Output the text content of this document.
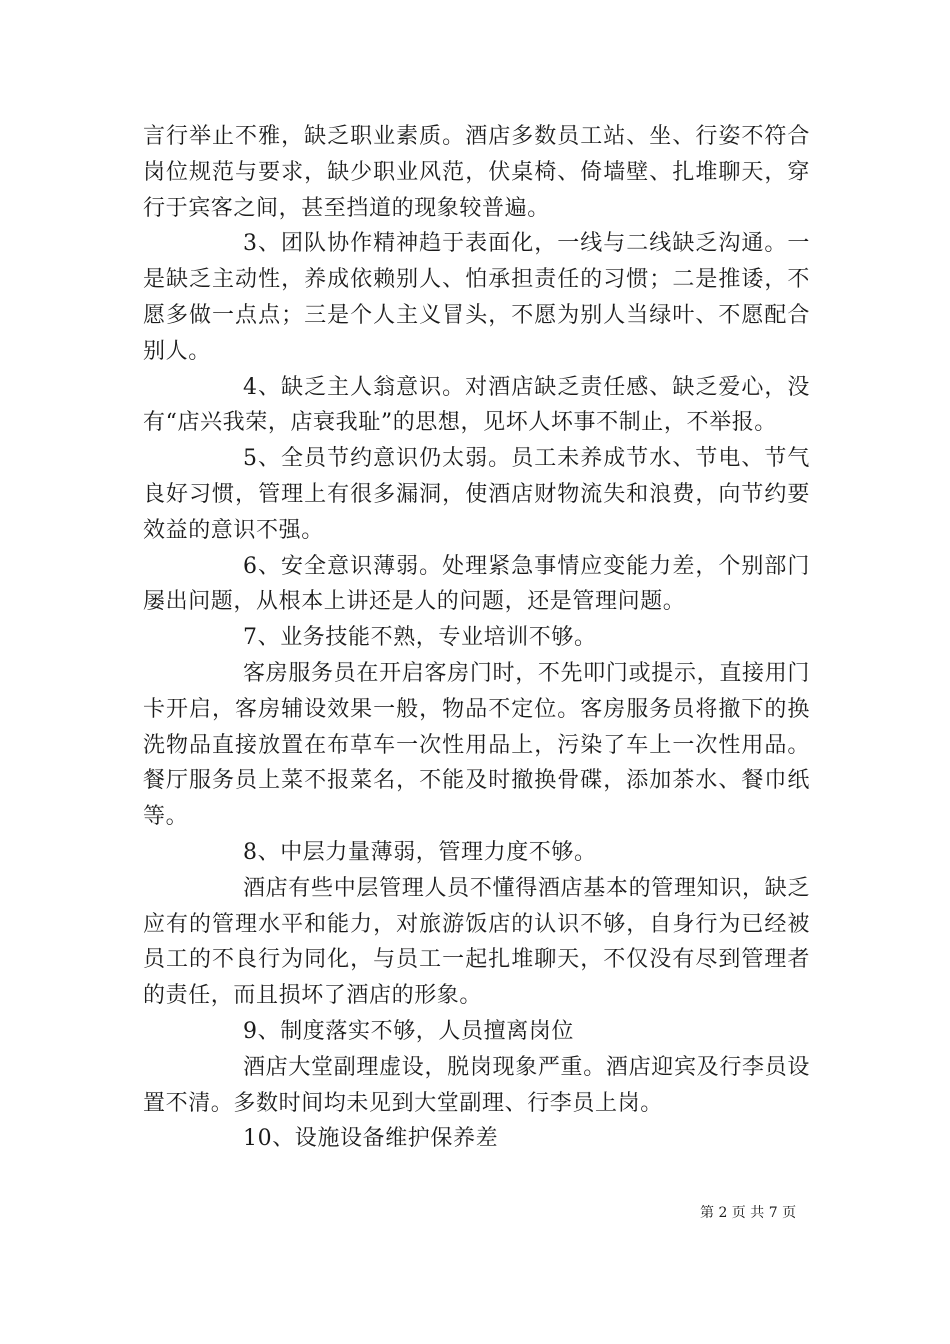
言行举止不雅，缺乏职业素质。酒店多数员工站、坐、行姿不符合岗位规范与要求，缺少职业风范，伏桌椅、倚墙壁、扎堆聊天，穿行于宾客之间，甚至挡道的现象较普遍。

3、团队协作精神趋于表面化，一线与二线缺乏沟通。一是缺乏主动性，养成依赖别人、怕承担责任的习惯；二是推诿，不愿多做一点点；三是个人主义冒头，不愿为别人当绿叶、不愿配合别人。

4、缺乏主人翁意识。对酒店缺乏责任感、缺乏爱心，没有“店兴我荣，店衰我耻”的思想，见坏人坏事不制止，不举报。

5、全员节约意识仍太弱。员工未养成节水、节电、节气良好习惯，管理上有很多漏洞，使酒店财物流失和浪费，向节约要效益的意识不强。

6、安全意识薄弱。处理紧急事情应变能力差，个别部门屡出问题，从根本上讲还是人的问题，还是管理问题。

7、业务技能不熟，专业培训不够。

客房服务员在开启客房门时，不先叩门或提示，直接用门卡开启，客房辅设效果一般，物品不定位。客房服务员将撤下的换洗物品直接放置在布草车一次性用品上，污染了车上一次性用品。餐厅服务员上菜不报菜名，不能及时撤换骨碟，添加茶水、餐巾纸等。

8、中层力量薄弱，管理力度不够。

酒店有些中层管理人员不懂得酒店基本的管理知识，缺乏应有的管理水平和能力，对旅游饭店的认识不够，自身行为已经被员工的不良行为同化，与员工一起扎堆聊天，不仅没有尽到管理者的责任，而且损坏了酒店的形象。

9、制度落实不够，人员擅离岗位

酒店大堂副理虚设，脱岗现象严重。酒店迎宾及行李员设置不清。多数时间均未见到大堂副理、行李员上岗。

10、设施设备维护保养差

第 2 页 共 7 页
